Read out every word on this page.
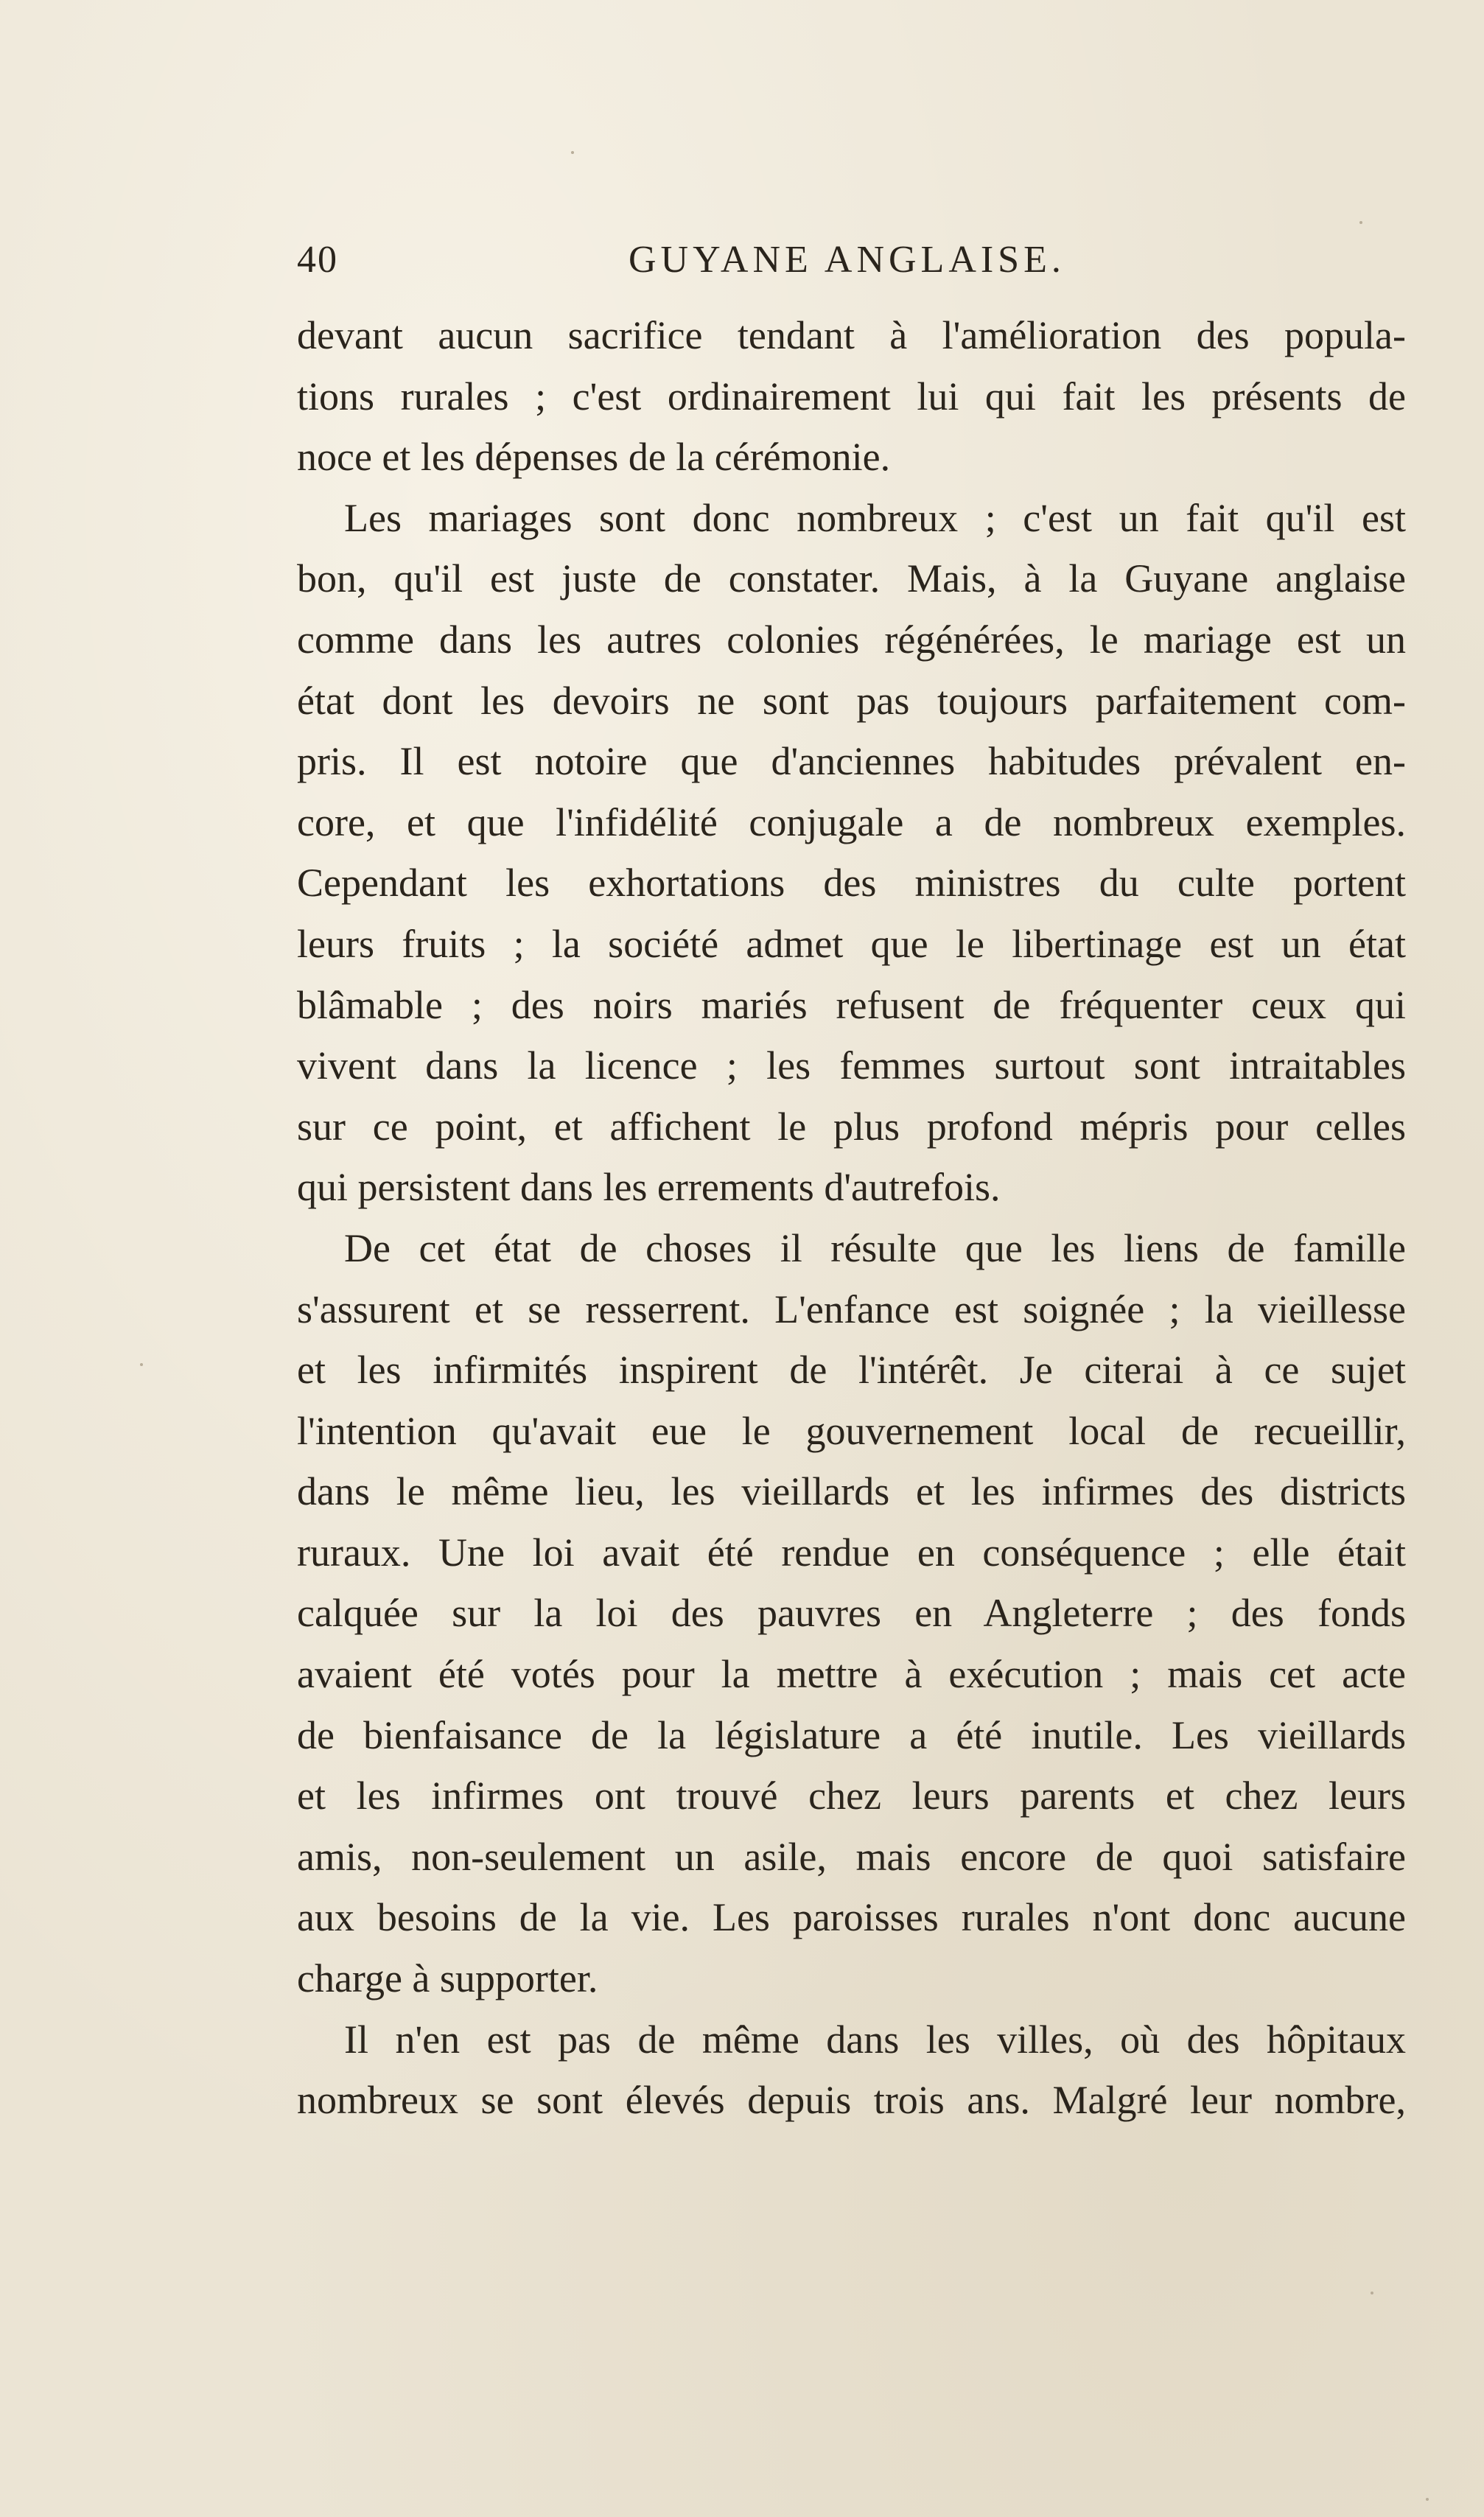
40	GUYANE ANGLAISE.
devant aucun sacrifice tendant à l'amélioration des popula-
tions rurales ; c'est ordinairement lui qui fait les présents de
noce et les dépenses de la cérémonie.
Les mariages sont donc nombreux ; c'est un fait qu'il est
bon, qu'il est juste de constater. Mais, à la Guyane anglaise
comme dans les autres colonies régénérées, le mariage est un
état dont les devoirs ne sont pas toujours parfaitement com-
pris. Il est notoire que d'anciennes habitudes prévalent en-
core, et que l'infidélité conjugale a de nombreux exemples.
Cependant les exhortations des ministres du culte portent
leurs fruits ; la société admet que le libertinage est un état
blâmable ; des noirs mariés refusent de fréquenter ceux qui
vivent dans la licence ; les femmes surtout sont intraitables
sur ce point, et affichent le plus profond mépris pour celles
qui persistent dans les errements d'autrefois.
De cet état de choses il résulte que les liens de famille
s'assurent et se resserrent. L'enfance est soignée ; la vieillesse
et les infirmités inspirent de l'intérêt. Je citerai à ce sujet
l'intention qu'avait eue le gouvernement local de recueillir,
dans le même lieu, les vieillards et les infirmes des districts
ruraux. Une loi avait été rendue en conséquence ; elle était
calquée sur la loi des pauvres en Angleterre ; des fonds
avaient été votés pour la mettre à exécution ; mais cet acte
de bienfaisance de la législature a été inutile. Les vieillards
et les infirmes ont trouvé chez leurs parents et chez leurs
amis, non-seulement un asile, mais encore de quoi satisfaire
aux besoins de la vie. Les paroisses rurales n'ont donc aucune
charge à supporter.
Il n'en est pas de même dans les villes, où des hôpitaux
nombreux se sont élevés depuis trois ans. Malgré leur nombre,
